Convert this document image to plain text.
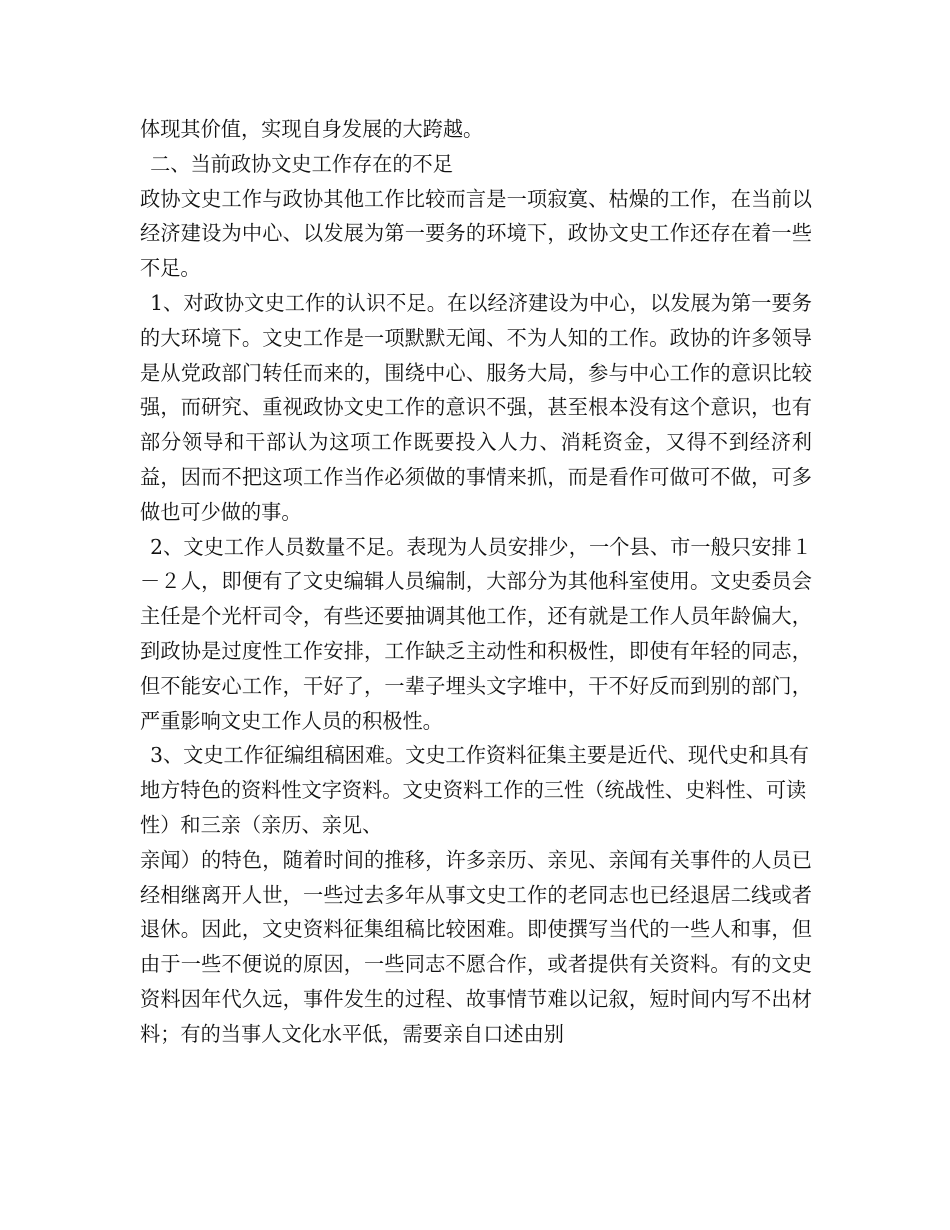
体现其价值，实现自身发展的大跨越。

二、当前政协文史工作存在的不足

政协文史工作与政协其他工作比较而言是一项寂寞、枯燥的工作，在当前以经济建设为中心、以发展为第一要务的环境下，政协文史工作还存在着一些不足。

1、对政协文史工作的认识不足。在以经济建设为中心，以发展为第一要务的大环境下。文史工作是一项默默无闻、不为人知的工作。政协的许多领导是从党政部门转任而来的，围绕中心、服务大局，参与中心工作的意识比较强，而研究、重视政协文史工作的意识不强，甚至根本没有这个意识，也有部分领导和干部认为这项工作既要投入人力、消耗资金，又得不到经济利益，因而不把这项工作当作必须做的事情来抓，而是看作可做可不做，可多做也可少做的事。

2、文史工作人员数量不足。表现为人员安排少，一个县、市一般只安排１－２人，即便有了文史编辑人员编制，大部分为其他科室使用。文史委员会主任是个光杆司令，有些还要抽调其他工作，还有就是工作人员年龄偏大，到政协是过度性工作安排，工作缺乏主动性和积极性，即使有年轻的同志，但不能安心工作，干好了，一辈子埋头文字堆中，干不好反而到别的部门，严重影响文史工作人员的积极性。

3、文史工作征编组稿困难。文史工作资料征集主要是近代、现代史和具有地方特色的资料性文字资料。文史资料工作的三性（统战性、史料性、可读性）和三亲（亲历、亲见、

亲闻）的特色，随着时间的推移，许多亲历、亲见、亲闻有关事件的人员已经相继离开人世，一些过去多年从事文史工作的老同志也已经退居二线或者退休。因此，文史资料征集组稿比较困难。即使撰写当代的一些人和事，但由于一些不便说的原因，一些同志不愿合作，或者提供有关资料。有的文史资料因年代久远，事件发生的过程、故事情节难以记叙，短时间内写不出材料；有的当事人文化水平低，需要亲自口述由别
